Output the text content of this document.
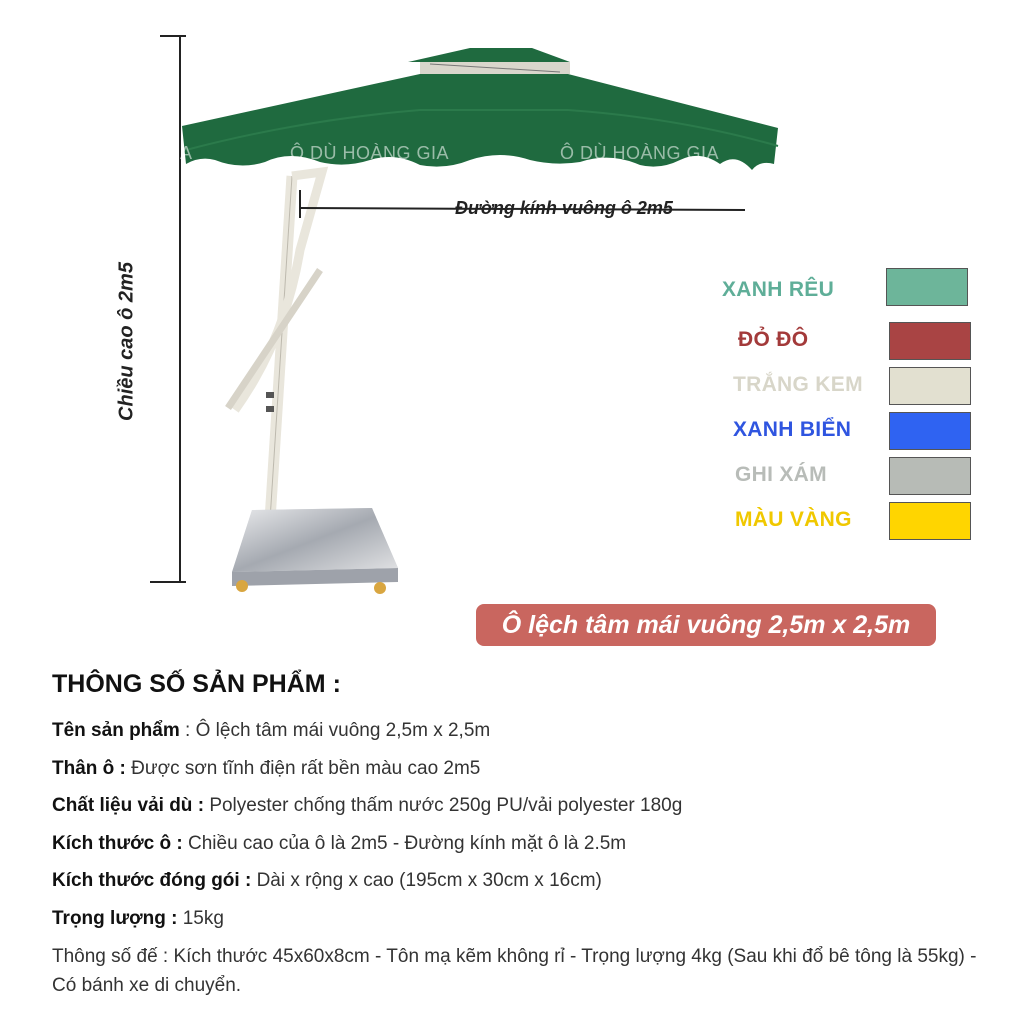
GIA	Ô DÙ HOÀNG GIA	Ô DÙ HOÀNG GIA
Chiều cao ô 2m5
Đường kính vuông ô 2m5
XANH RÊU
ĐỎ ĐÔ
TRẮNG KEM
XANH BIỂN
GHI XÁM
MÀU VÀNG
Ô lệch tâm mái vuông 2,5m x 2,5m
THÔNG SỐ SẢN PHẨM :
Tên sản phẩm : Ô lệch tâm mái vuông 2,5m x 2,5m
Thân ô : Được sơn tĩnh điện rất bền màu cao 2m5
Chất liệu vải dù : Polyester chống thấm nước 250g PU/vải polyester 180g
Kích thước ô : Chiều cao của ô là 2m5 - Đường kính mặt ô là 2.5m
Kích thước đóng gói : Dài x rộng x cao (195cm x 30cm x 16cm)
Trọng lượng : 15kg
Thông số đế : Kích thước 45x60x8cm - Tôn mạ kẽm không rỉ - Trọng lượng 4kg (Sau khi đổ bê tông là 55kg) - Có bánh xe di chuyển.
